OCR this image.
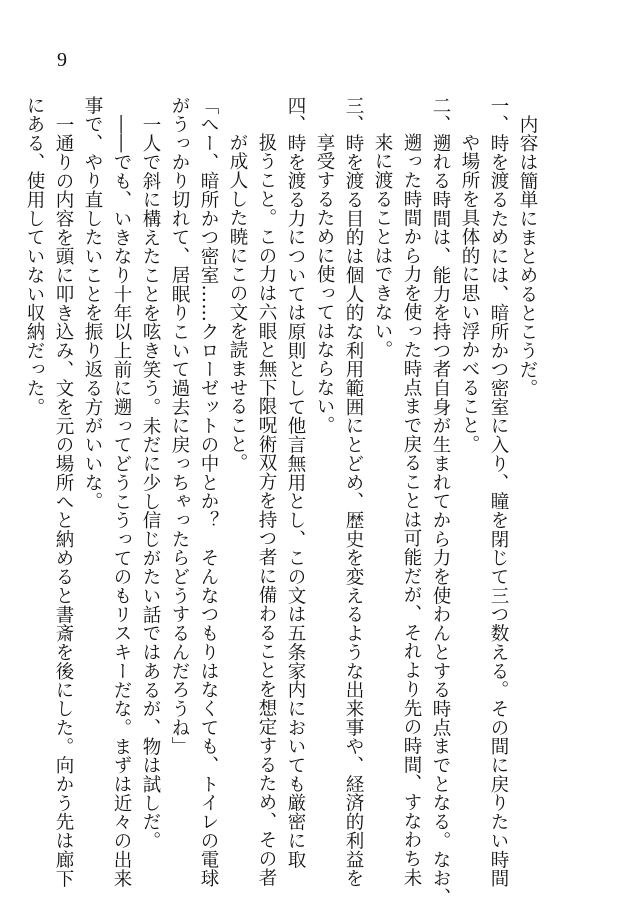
9
内容は簡単にまとめるとこうだ。
一、時を渡るためには、暗所かつ密室に入り、瞳を閉じて三つ数える。その間に戻りたい時間
や場所を具体的に思い浮かべること。
二、遡れる時間は、能力を持つ者自身が生まれてから力を使わんとする時点までとなる。なお、
遡った時間から力を使った時点まで戻ることは可能だが、それより先の時間、すなわち未
来に渡ることはできない。
三、時を渡る目的は個人的な利用範囲にとどめ、歴史を変えるような出来事や、経済的利益を
享受するために使ってはならない。
四、時を渡る力については原則として他言無用とし、この文は五条家内においても厳密に取
扱うこと。この力は六眼と無下限呪術双方を持つ者に備わることを想定するため、その者
が成人した暁にこの文を読ませること。
「へー、暗所かつ密室……クローゼットの中とか？　そんなつもりはなくても、トイレの電球
がうっかり切れて、居眠りこいて過去に戻っちゃったらどうするんだろうね」
一人で斜に構えたことを呟き笑う。未だに少し信じがたい話ではあるが、物は試しだ。
――でも、いきなり十年以上前に遡ってどうこうってのもリスキーだな。まずは近々の出来
事で、やり直したいことを振り返る方がいいな。
一通りの内容を頭に叩き込み、文を元の場所へと納めると書斎を後にした。向かう先は廊下
にある、使用していない収納だった。
